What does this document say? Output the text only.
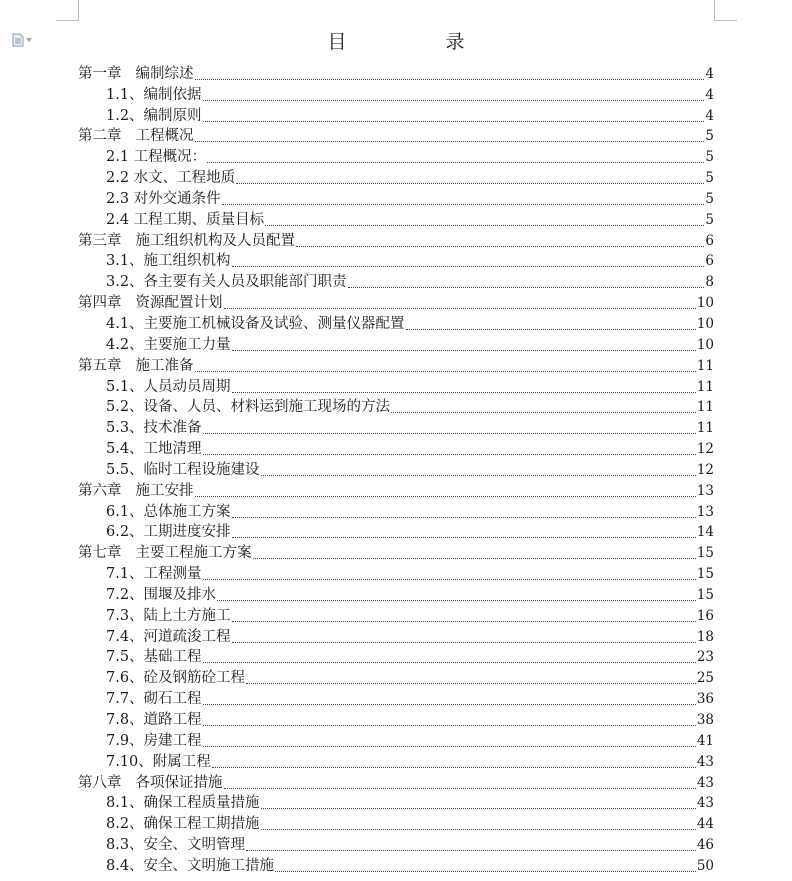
目　录
第一章 编制综述	4
1.1、编制依据	4
1.2、编制原则	4
第二章 工程概况	5
2.1 工程概况：	5
2.2 水文、工程地质	5
2.3 对外交通条件	5
2.4 工程工期、质量目标	5
第三章 施工组织机构及人员配置	6
3.1、施工组织机构	6
3.2、各主要有关人员及职能部门职责	8
第四章 资源配置计划	10
4.1、主要施工机械设备及试验、测量仪器配置	10
4.2、主要施工力量	10
第五章 施工准备	11
5.1、人员动员周期	11
5.2、设备、人员、材料运到施工现场的方法	11
5.3、技术准备	11
5.4、工地清理	12
5.5、临时工程设施建设	12
第六章 施工安排	13
6.1、总体施工方案	13
6.2、工期进度安排	14
第七章 主要工程施工方案	15
7.1、工程测量	15
7.2、围堰及排水	15
7.3、陆上土方施工	16
7.4、河道疏浚工程	18
7.5、基础工程	23
7.6、砼及钢筋砼工程	25
7.7、砌石工程	36
7.8、道路工程	38
7.9、房建工程	41
7.10、附属工程	43
第八章 各项保证措施	43
8.1、确保工程质量措施	43
8.2、确保工程工期措施	44
8.3、安全、文明管理	46
8.4、安全、文明施工措施	50
